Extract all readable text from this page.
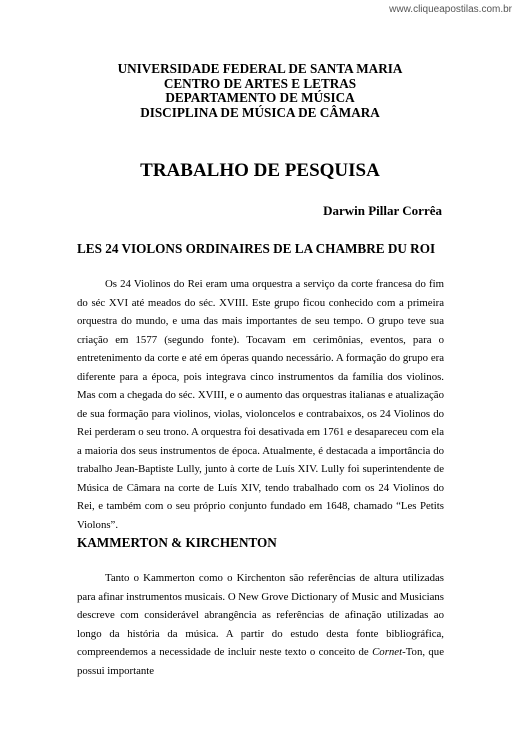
www.cliqueapostilas.com.br
UNIVERSIDADE FEDERAL DE SANTA MARIA
CENTRO DE ARTES E LETRAS
DEPARTAMENTO DE MÚSICA
DISCIPLINA DE MÚSICA DE CÂMARA
TRABALHO DE PESQUISA
Darwin Pillar Corrêa
LES 24 VIOLONS ORDINAIRES DE LA CHAMBRE DU ROI

Os 24 Violinos do Rei eram uma orquestra a serviço da corte francesa do fim do séc XVI até meados do séc. XVIII. Este grupo ficou conhecido com a primeira orquestra do mundo, e uma das mais importantes de seu tempo. O grupo teve sua criação em 1577 (segundo fonte). Tocavam em cerimônias, eventos, para o entretenimento da corte e até em óperas quando necessário. A formação do grupo era diferente para a época, pois integrava cinco instrumentos da família dos violinos. Mas com a chegada do séc. XVIII, e o aumento das orquestras italianas e atualização de sua formação para violinos, violas, violoncelos e contrabaixos, os 24 Violinos do Rei perderam o seu trono. A orquestra foi desativada em 1761 e desapareceu com ela a maioria dos seus instrumentos de época. Atualmente, é destacada a importância do trabalho Jean-Baptiste Lully, junto à corte de Luís XIV. Lully foi superintendente de Música de Câmara na corte de Luís XIV, tendo trabalhado com os 24 Violinos do Rei, e também com o seu próprio conjunto fundado em 1648, chamado “Les Petits Violons”.

KAMMERTON & KIRCHENTON

Tanto o Kammerton como o Kirchenton são referências de altura utilizadas para afinar instrumentos musicais. O New Grove Dictionary of Music and Musicians descreve com considerável abrangência as referências de afinação utilizadas ao longo da história da música. A partir do estudo desta fonte bibliográfica, compreendemos a necessidade de incluir neste texto o conceito de Cornet-Ton, que possui importante
